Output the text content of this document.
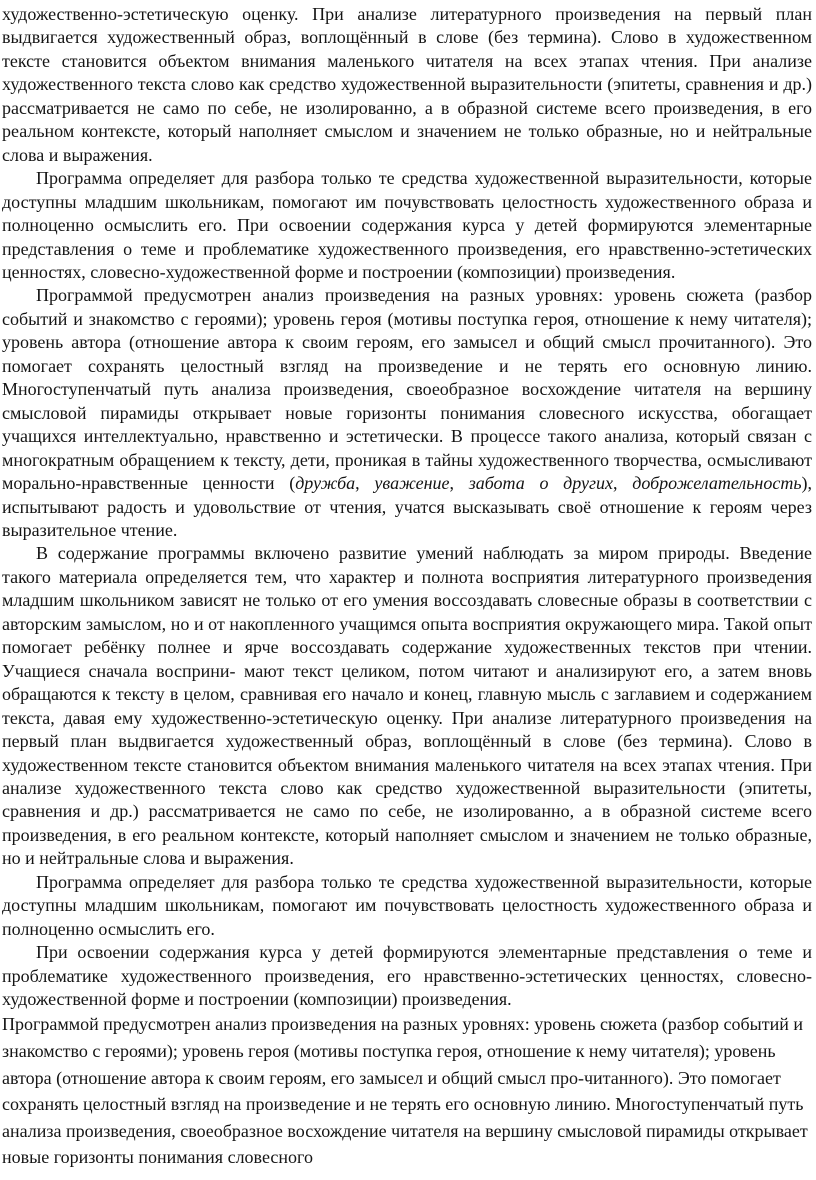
художественно-эстетическую оценку. При анализе литературного произведения на первый план выдвигается художественный образ, воплощённый в слове (без термина). Слово в художественном тексте становится объектом внимания маленького читателя на всех этапах чтения. При анализе художественного текста слово как средство художественной выразительности (эпитеты, сравнения и др.) рассматривается не само по себе, не изолированно, а в образной системе всего произведения, в его реальном контексте, который наполняет смыслом и значением не только образные, но и нейтральные слова и выражения.

Программа определяет для разбора только те средства художественной выразительности, которые доступны младшим школьникам, помогают им почувствовать целостность художественного образа и полноценно осмыслить его. При освоении содержания курса у детей формируются элементарные представления о теме и проблематике художественного произведения, его нравственно-эстетических ценностях, словесно-художественной форме и построении (композиции) произведения.

Программой предусмотрен анализ произведения на разных уровнях: уровень сюжета (разбор событий и знакомство с героями); уровень героя (мотивы поступка героя, отношение к нему читателя); уровень автора (отношение автора к своим героям, его замысел и общий смысл прочитанного). Это помогает сохранять целостный взгляд на произведение и не терять его основную линию. Многоступенчатый путь анализа произведения, своеобразное восхождение читателя на вершину смысловой пирамиды открывает новые горизонты понимания словесного искусства, обогащает учащихся интеллектуально, нравственно и эстетически. В процессе такого анализа, который связан с многократным обращением к тексту, дети, проникая в тайны художественного творчества, осмысливают морально-нравственные ценности (дружба, уважение, забота о других, доброжелательность), испытывают радость и удовольствие от чтения, учатся высказывать своё отношение к героям через выразительное чтение.

В содержание программы включено развитие умений наблюдать за миром природы. Введение такого материала определяется тем, что характер и полнота восприятия литературного произведения младшим школьником зависят не только от его умения воссоздавать словесные образы в соответствии с авторским замыслом, но и от накопленного учащимся опыта восприятия окружающего мира. Такой опыт помогает ребёнку полнее и ярче воссоздавать содержание художественных текстов при чтении. Учащиеся сначала восприни- мают текст целиком, потом читают и анализируют его, а затем вновь обращаются к тексту в целом, сравнивая его начало и конец, главную мысль с заглавием и содержанием текста, давая ему художественно-эстетическую оценку. При анализе литературного произведения на первый план выдвигается художественный образ, воплощённый в слове (без термина). Слово в художественном тексте становится объектом внимания маленького читателя на всех этапах чтения. При анализе художественного текста слово как средство художественной выразительности (эпитеты, сравнения и др.) рассматривается не само по себе, не изолированно, а в образной системе всего произведения, в его реальном контексте, который наполняет смыслом и значением не только образные, но и нейтральные слова и выражения.

Программа определяет для разбора только те средства художественной выразительности, которые доступны младшим школьникам, помогают им почувствовать целостность художественного образа и полноценно осмыслить его.

При освоении содержания курса у детей формируются элементарные представления о теме и проблематике художественного произведения, его нравственно-эстетических ценностях, словесно-художественной форме и построении (композиции) произведения.

Программой предусмотрен анализ произведения на разных уровнях: уровень сюжета (разбор событий и знакомство с героями); уровень героя (мотивы поступка героя, отношение к нему читателя); уровень автора (отношение автора к своим героям, его замысел и общий смысл про-читанного). Это помогает сохранять целостный взгляд на произведение и не терять его основную линию. Многоступенчатый путь анализа произведения, своеобразное восхождение читателя на вершину смысловой пирамиды открывает новые горизонты понимания словесного
